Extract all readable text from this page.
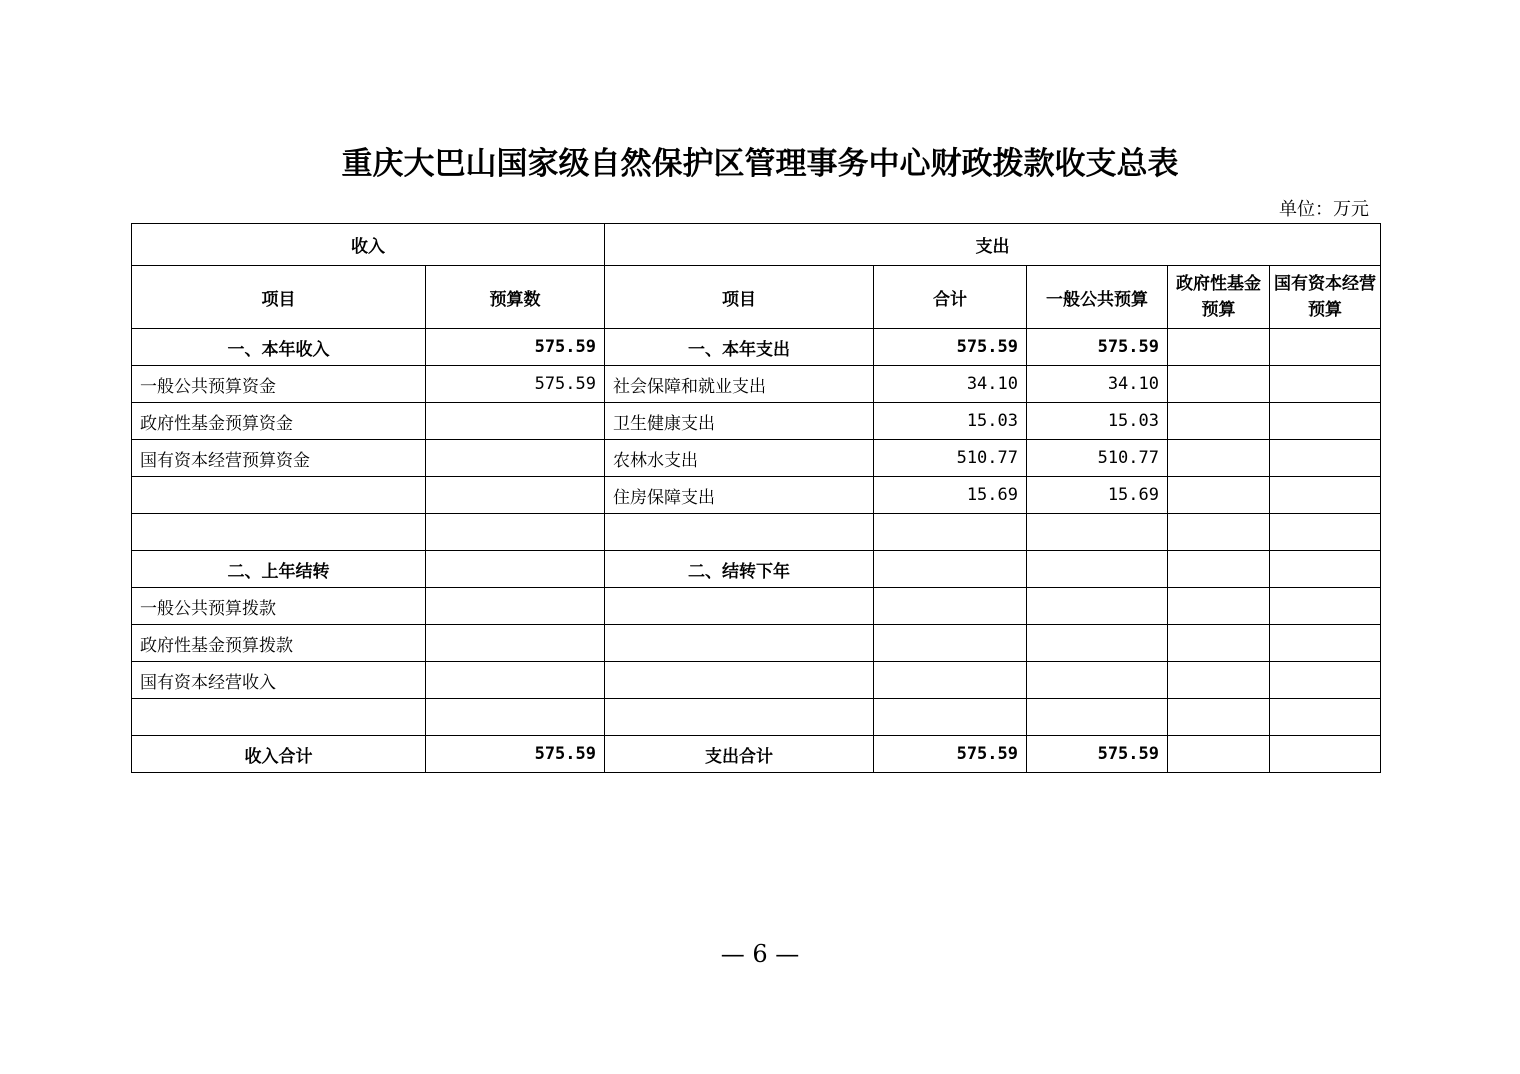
重庆大巴山国家级自然保护区管理事务中心财政拨款收支总表
单位：万元
收入		支出				
项目	预算数	项目	合计	一般公共预算	政府性基金预算	国有资本经营预算
一、本年收入	575.59	一、本年支出	575.59	575.59		
一般公共预算资金	575.59	社会保障和就业支出	34.10	34.10		
政府性基金预算资金		卫生健康支出	15.03	15.03		
国有资本经营预算资金		农林水支出	510.77	510.77		
		住房保障支出	15.69	15.69		

二、上年结转		二、结转下年				
一般公共预算拨款						
政府性基金预算拨款						
国有资本经营收入						

收入合计	575.59	支出合计	575.59	575.59		
— 6 —
